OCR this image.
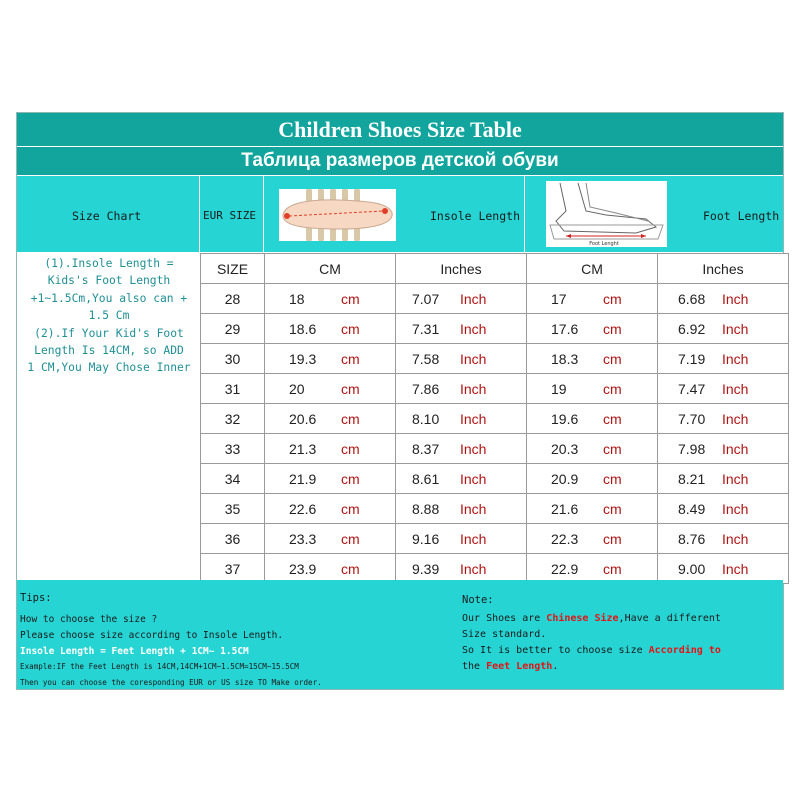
Children Shoes Size Table
Таблица размеров детской обуви
Size Chart	EUR SIZE	Insole Length	Foot Length
Foot Lenght
(1).Insole Length =
Kids's Foot Length
+1~1.5Cm,You also can +
1.5 Cm
(2).If Your Kid's Foot
Length Is 14CM, so ADD
1 CM,You May Chose Inner
SIZE	CM	Inches	CM	Inches
28	18 cm	7.07 Inch	17 cm	6.68 Inch
29	18.6 cm	7.31 Inch	17.6 cm	6.92 Inch
30	19.3 cm	7.58 Inch	18.3 cm	7.19 Inch
31	20 cm	7.86 Inch	19 cm	7.47 Inch
32	20.6 cm	8.10 Inch	19.6 cm	7.70 Inch
33	21.3 cm	8.37 Inch	20.3 cm	7.98 Inch
34	21.9 cm	8.61 Inch	20.9 cm	8.21 Inch
35	22.6 cm	8.88 Inch	21.6 cm	8.49 Inch
36	23.3 cm	9.16 Inch	22.3 cm	8.76 Inch
37	23.9 cm	9.39 Inch	22.9 cm	9.00 Inch
Tips:
How to choose the size ?
Please choose size according to Insole Length.
Insole Length = Feet Length + 1CM~ 1.5CM
Example:IF the Feet Length is 14CM,14CM+1CM~1.5CM=15CM~15.5CM
Then you can choose the coresponding EUR or US size TO Make order.
Note:
Our Shoes are Chinese Size,Have a different
Size standard.
So It is better to choose size According to
the Feet Length.
